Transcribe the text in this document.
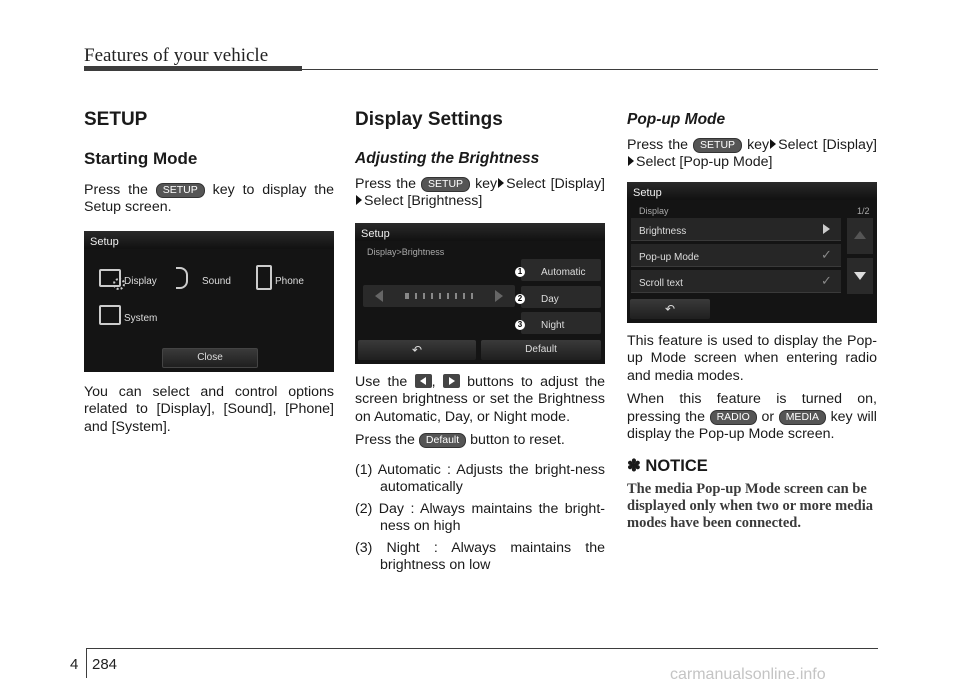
Features of your vehicle
SETUP
Starting Mode

Press the SETUP key to display the Setup screen.

Setup
Display	Sound	Phone
System
Close

You can select and control options related to [Display], [Sound], [Phone] and [System].

Display Settings
Adjusting the Brightness

Press the SETUP key Select [Display]Select [Brightness]

Setup
Display>Brightness
Automatic
Day
Night
1
2
3
↶	Default

Use the , buttons to adjust the screen brightness or set the Brightness on Automatic, Day, or Night mode.

Press the Default button to reset.

(1) Automatic : Adjusts the bright-ness automatically

(2) Day : Always maintains the bright-ness on high

(3) Night : Always maintains the brightness on low

Pop-up Mode

Press the SETUP key Select [Display]Select [Pop-up Mode]

Setup
Display	1/2
Brightness
Pop-up Mode	✓
Scroll text	✓
↶

This feature is used to display the Pop-up Mode screen when entering radio and media modes.

When this feature is turned on, pressing the RADIO or MEDIA key will display the Pop-up Mode screen.

✽ NOTICE
The media Pop-up Mode screen can be displayed only when two or more media modes have been connected.
4 284
carmanualsonline.info
